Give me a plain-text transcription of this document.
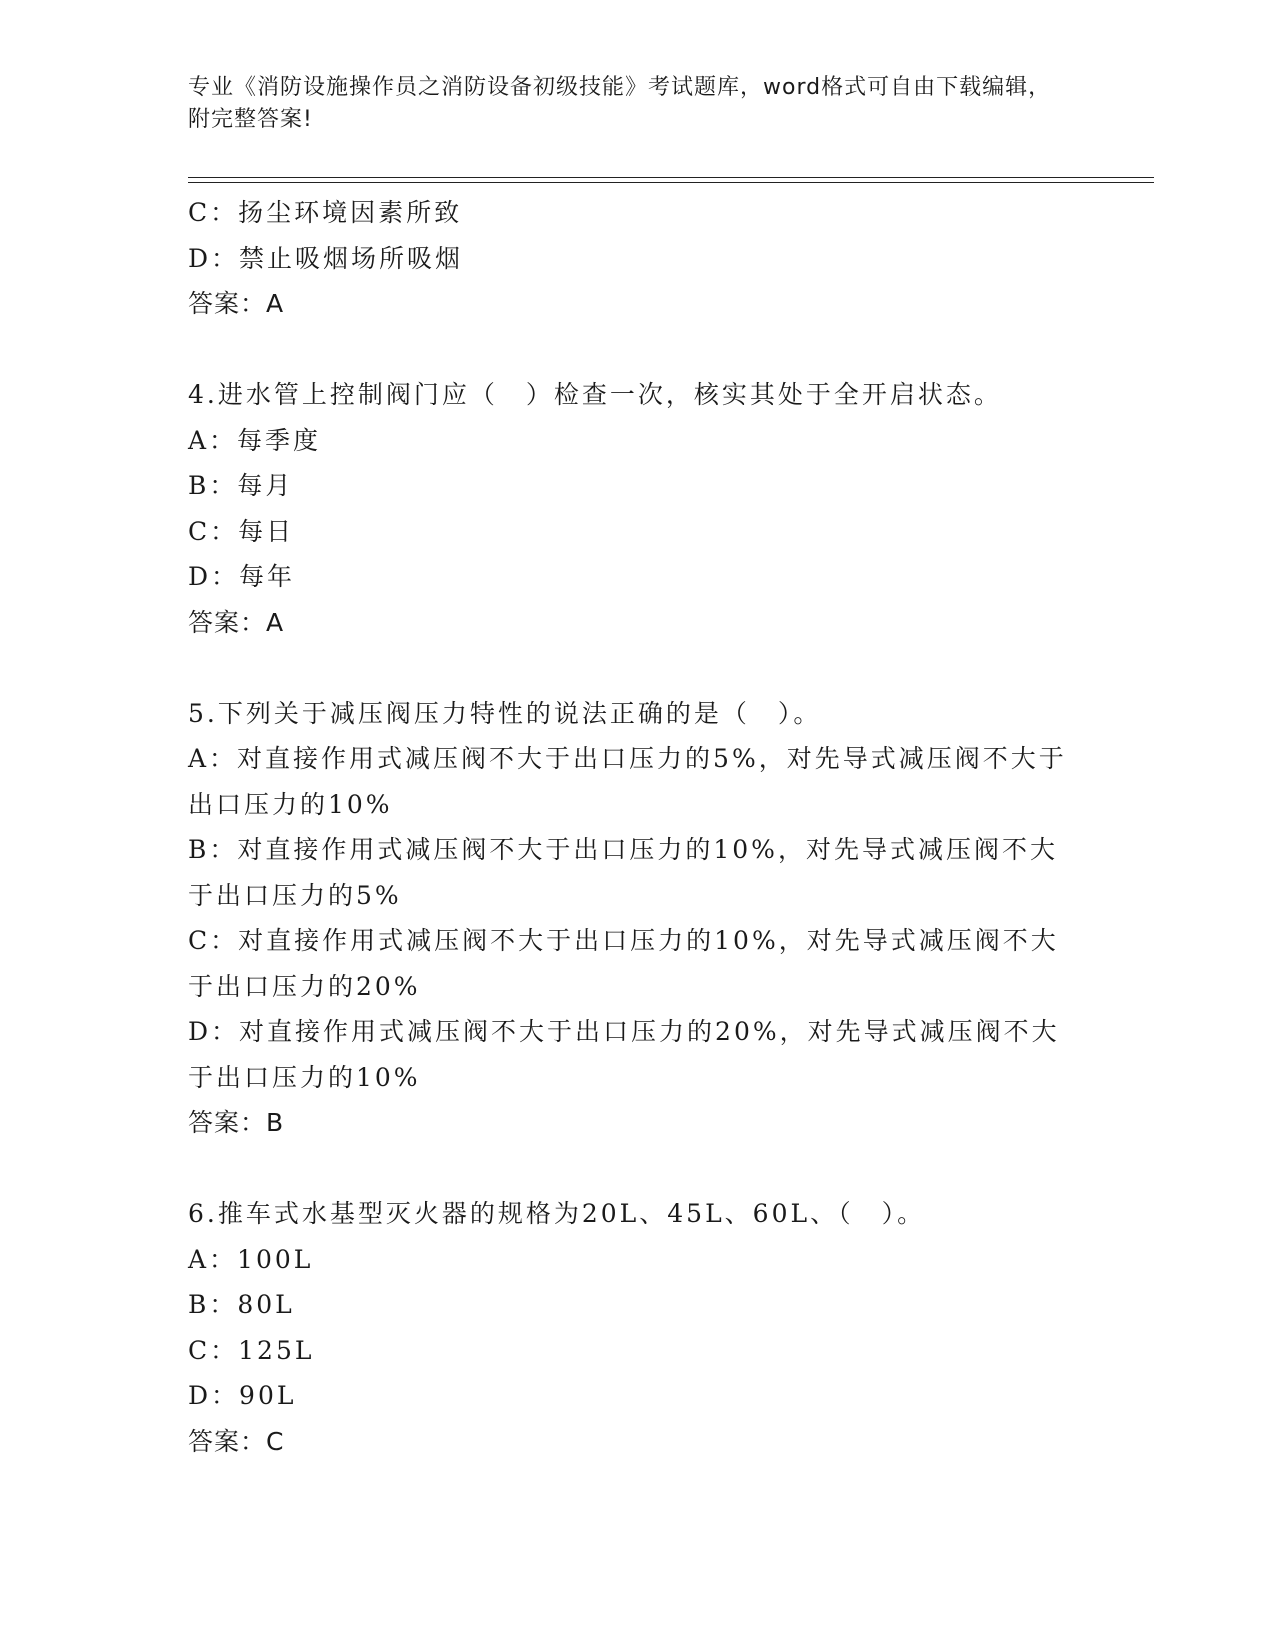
专业《消防设施操作员之消防设备初级技能》考试题库，word格式可自由下载编辑，附完整答案!
C：扬尘环境因素所致
D：禁止吸烟场所吸烟
答案：A
4.进水管上控制阀门应（　）检查一次，核实其处于全开启状态。
A：每季度
B：每月
C：每日
D：每年
答案：A
5.下列关于减压阀压力特性的说法正确的是（　）。
A：对直接作用式减压阀不大于出口压力的5%，对先导式减压阀不大于
出口压力的10%
B：对直接作用式减压阀不大于出口压力的10%，对先导式减压阀不大
于出口压力的5%
C：对直接作用式减压阀不大于出口压力的10%，对先导式减压阀不大
于出口压力的20%
D：对直接作用式减压阀不大于出口压力的20%，对先导式减压阀不大
于出口压力的10%
答案：B
6.推车式水基型灭火器的规格为20L、45L、60L、（　）。
A：100L
B：80L
C：125L
D：90L
答案：C
